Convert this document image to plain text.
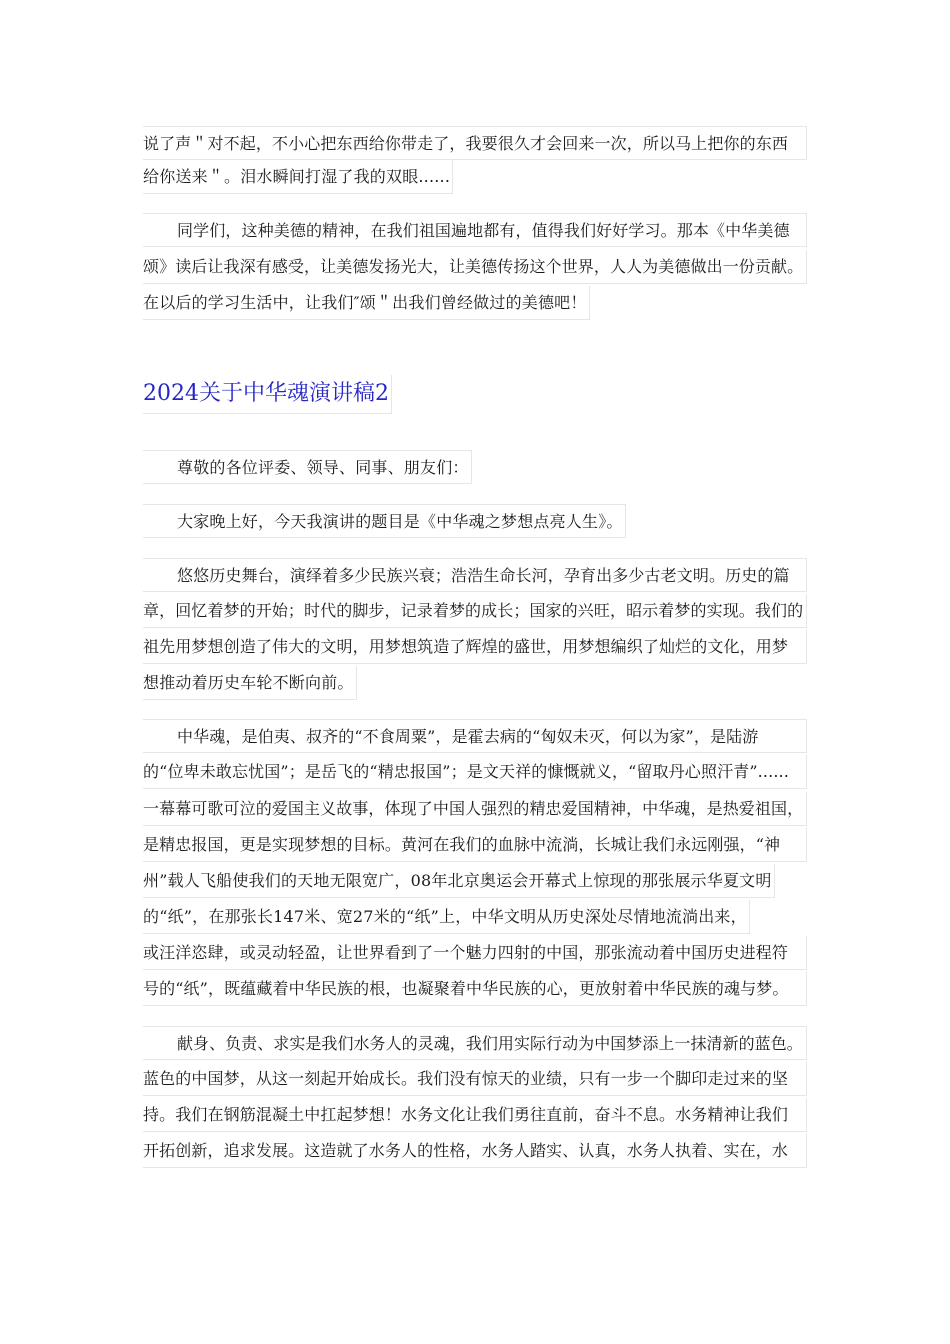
说了声＂对不起，不小心把东西给你带走了，我要很久才会回来一次，所以马上把你的东西
给你送来＂。泪水瞬间打湿了我的双眼......
同学们，这种美德的精神，在我们祖国遍地都有，值得我们好好学习。那本《中华美德
颂》读后让我深有感受，让美德发扬光大，让美德传扬这个世界，人人为美德做出一份贡献。
在以后的学习生活中，让我们″颂＂出我们曾经做过的美德吧！
2024关于中华魂演讲稿2
尊敬的各位评委、领导、同事、朋友们：
大家晚上好，今天我演讲的题目是《中华魂之梦想点亮人生》。
悠悠历史舞台，演绎着多少民族兴衰；浩浩生命长河，孕育出多少古老文明。历史的篇
章，回忆着梦的开始；时代的脚步，记录着梦的成长；国家的兴旺，昭示着梦的实现。我们的
祖先用梦想创造了伟大的文明，用梦想筑造了辉煌的盛世，用梦想编织了灿烂的文化，用梦
想推动着历史车轮不断向前。
中华魂，是伯夷、叔齐的“不食周粟”，是霍去病的“匈奴未灭，何以为家”，是陆游
的“位卑未敢忘忧国”；是岳飞的“精忠报国”；是文天祥的慷慨就义，“留取丹心照汗青”......
一幕幕可歌可泣的爱国主义故事，体现了中国人强烈的精忠爱国精神，中华魂，是热爱祖国，
是精忠报国，更是实现梦想的目标。黄河在我们的血脉中流淌，长城让我们永远刚强，“神
州”载人飞船使我们的天地无限宽广，08年北京奥运会开幕式上惊现的那张展示华夏文明
的“纸”，在那张长147米、宽27米的“纸”上，中华文明从历史深处尽情地流淌出来，
或汪洋恣肆，或灵动轻盈，让世界看到了一个魅力四射的中国，那张流动着中国历史进程符
号的“纸”，既蕴藏着中华民族的根，也凝聚着中华民族的心，更放射着中华民族的魂与梦。
献身、负责、求实是我们水务人的灵魂，我们用实际行动为中国梦添上一抹清新的蓝色。
蓝色的中国梦，从这一刻起开始成长。我们没有惊天的业绩，只有一步一个脚印走过来的坚
持。我们在钢筋混凝土中扛起梦想！水务文化让我们勇往直前，奋斗不息。水务精神让我们
开拓创新，追求发展。这造就了水务人的性格，水务人踏实、认真，水务人执着、实在，水
